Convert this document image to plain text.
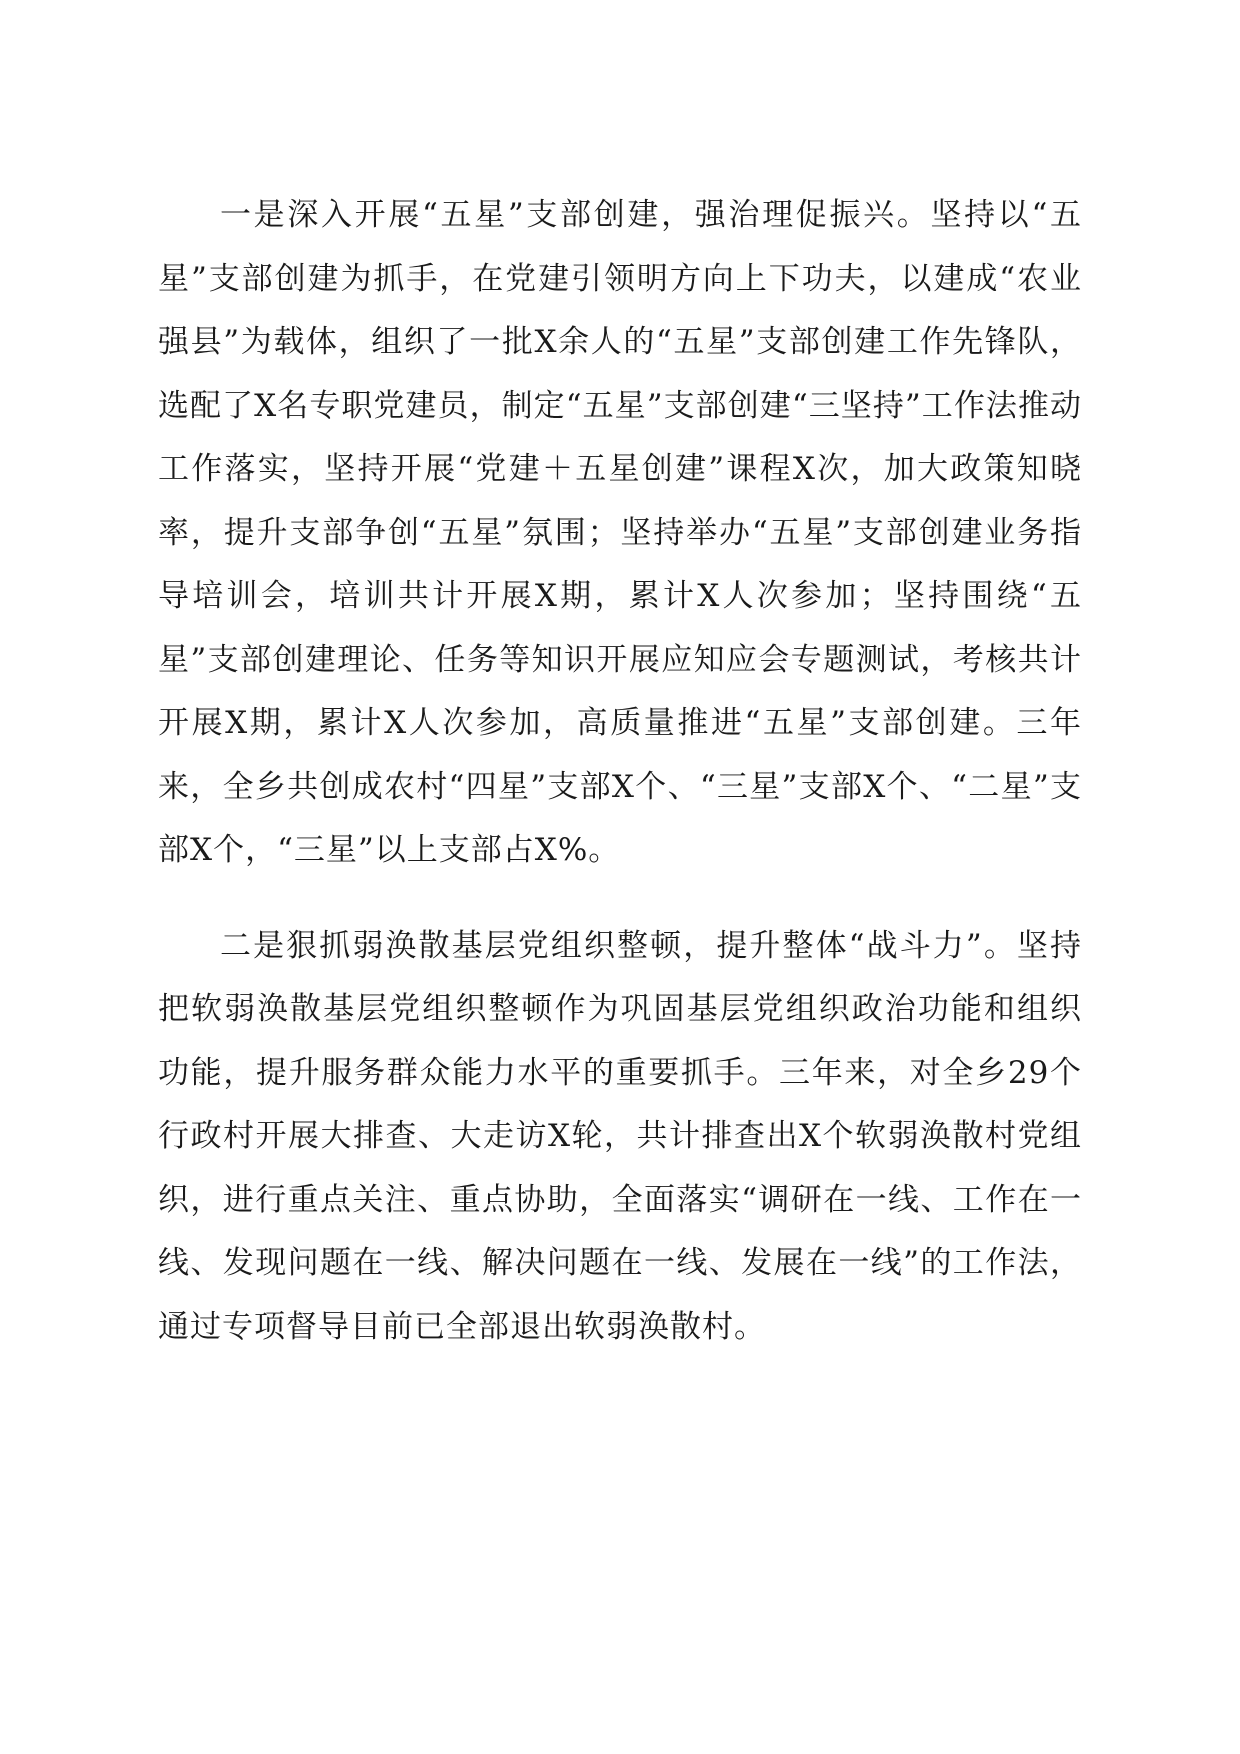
一是深入开展“五星”支部创建，强治理促振兴。坚持以“五星”支部创建为抓手，在党建引领明方向上下功夫，以建成“农业强县”为载体，组织了一批X余人的“五星”支部创建工作先锋队，选配了X名专职党建员，制定“五星”支部创建“三坚持”工作法推动工作落实，坚持开展“党建＋五星创建”课程X次，加大政策知晓率，提升支部争创“五星”氛围；坚持举办“五星”支部创建业务指导培训会，培训共计开展X期，累计X人次参加；坚持围绕“五星”支部创建理论、任务等知识开展应知应会专题测试，考核共计开展X期，累计X人次参加，高质量推进“五星”支部创建。三年来，全乡共创成农村“四星”支部X个、“三星”支部X个、“二星”支部X个，“三星”以上支部占X%。

二是狠抓弱涣散基层党组织整顿，提升整体“战斗力”。坚持把软弱涣散基层党组织整顿作为巩固基层党组织政治功能和组织功能，提升服务群众能力水平的重要抓手。三年来，对全乡29个行政村开展大排查、大走访X轮，共计排查出X个软弱涣散村党组织，进行重点关注、重点协助，全面落实“调研在一线、工作在一线、发现问题在一线、解决问题在一线、发展在一线”的工作法，通过专项督导目前已全部退出软弱涣散村。
